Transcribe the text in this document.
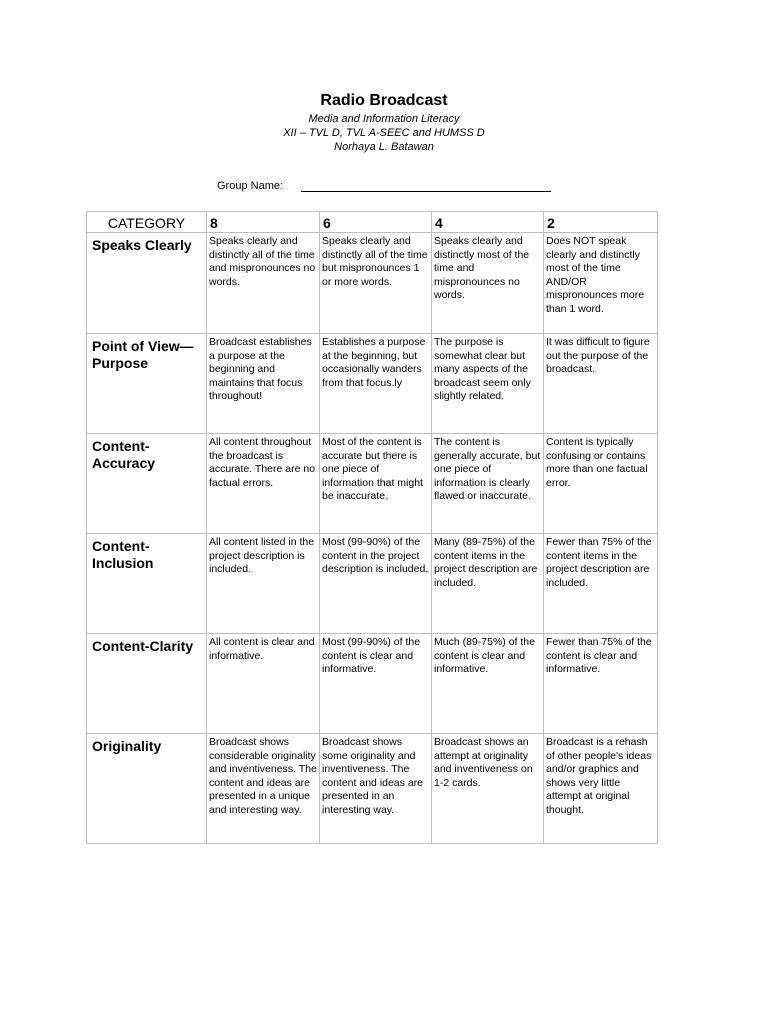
Radio Broadcast
Media and Information Literacy
XII – TVL D, TVL A-SEEC and HUMSS D
Norhaya L. Batawan
Group Name:
CATEGORY	8	6	4	2
Speaks Clearly	Speaks clearly and distinctly all of the time and mispronounces no words.	Speaks clearly and distinctly all of the time but mispronounces 1 or more words.	Speaks clearly and distinctly most of the time and mispronounces no words.	Does NOT speak clearly and distinctly most of the time AND/OR mispronounces more than 1 word.
Point of View— Purpose	Broadcast establishes a purpose at the beginning and maintains that focus throughout!	Establishes a purpose at the beginning, but occasionally wanders from that focus.ly	The purpose is somewhat clear but many aspects of the broadcast seem only slightly related.	It was difficult to figure out the purpose of the broadcast.
Content-Accuracy	All content throughout the broadcast is accurate. There are no factual errors.	Most of the content is accurate but there is one piece of information that might be inaccurate.	The content is generally accurate, but one piece of information is clearly flawed or inaccurate.	Content is typically confusing or contains more than one factual error.
Content-Inclusion	All content listed in the project description is included.	Most (99-90%) of the content in the project description is included.	Many (89-75%) of the content items in the project description are included.	Fewer than 75% of the content items in the project description are included.
Content-Clarity	All content is clear and informative.	Most (99-90%) of the content is clear and informative.	Much (89-75%) of the content is clear and informative.	Fewer than 75% of the content is clear and informative.
Originality	Broadcast shows considerable originality and inventiveness. The content and ideas are presented in a unique and interesting way.	Broadcast shows some originality and inventiveness. The content and ideas are presented in an interesting way.	Broadcast shows an attempt at originality and inventiveness on 1-2 cards.	Broadcast is a rehash of other people's ideas and/or graphics and shows very little attempt at original thought.
